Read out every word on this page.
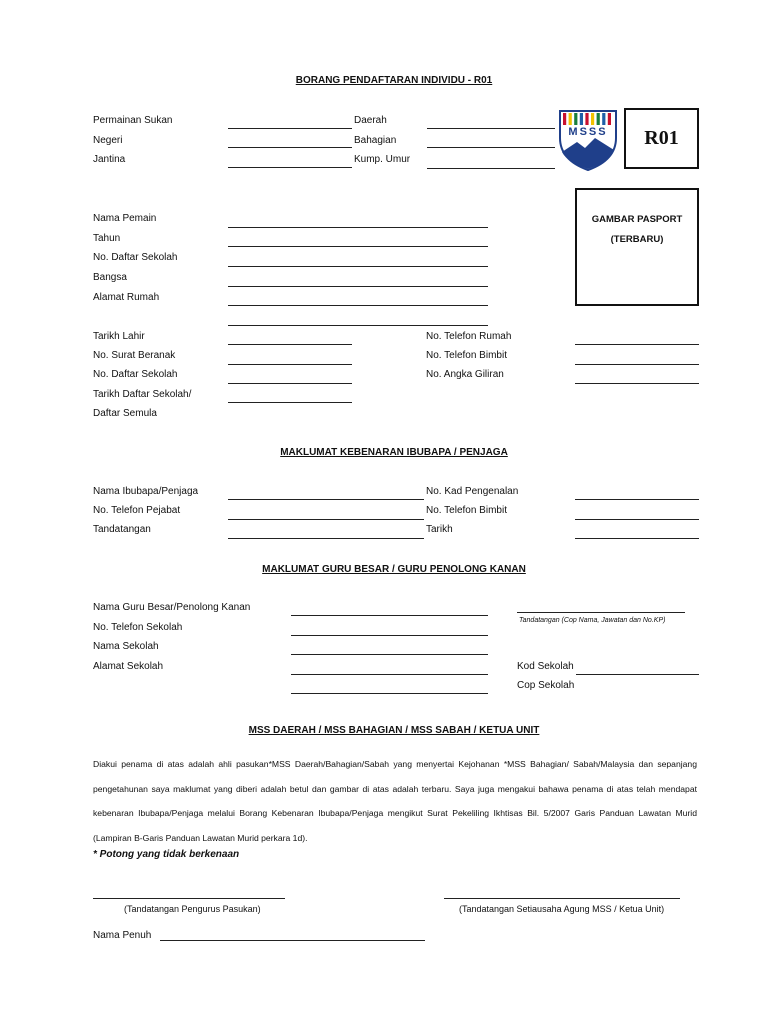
BORANG PENDAFTARAN INDIVIDU - R01
Permainan Sukan
Negeri
Jantina
Daerah
Bahagian
Kump. Umur
MSSS	R01
GAMBAR PASPORT
(TERBARU)
Nama Pemain
Tahun
No. Daftar Sekolah
Bangsa
Alamat Rumah
Tarikh Lahir
No. Surat Beranak
No. Daftar Sekolah
Tarikh Daftar Sekolah/
Daftar Semula
No. Telefon Rumah
No. Telefon Bimbit
No. Angka Giliran
MAKLUMAT KEBENARAN IBUBAPA / PENJAGA
Nama Ibubapa/Penjaga
No. Telefon Pejabat
Tandatangan
No. Kad Pengenalan
No. Telefon Bimbit
Tarikh
MAKLUMAT GURU BESAR / GURU PENOLONG KANAN
Nama Guru Besar/Penolong Kanan
No. Telefon Sekolah
Nama Sekolah
Alamat Sekolah
Tandatangan (Cop Nama, Jawatan dan No.KP)
Kod Sekolah
Cop Sekolah
MSS DAERAH / MSS BAHAGIAN / MSS SABAH / KETUA UNIT
Diakui penama di atas adalah ahli pasukan*MSS Daerah/Bahagian/Sabah yang menyertai Kejohanan *MSS Bahagian/ Sabah/Malaysia dan sepanjang pengetahunan saya maklumat yang diberi adalah betul dan gambar di atas adalah terbaru. Saya juga mengakui bahawa penama di atas telah mendapat kebenaran Ibubapa/Penjaga melalui Borang Kebenaran Ibubapa/Penjaga mengikut Surat Pekeliling Ikhtisas Bil. 5/2007 Garis Panduan Lawatan Murid (Lampiran B-Garis Panduan Lawatan Murid perkara 1d).
* Potong yang tidak berkenaan
(Tandatangan Pengurus Pasukan)	(Tandatangan Setiausaha Agung MSS / Ketua Unit)
Nama Penuh
